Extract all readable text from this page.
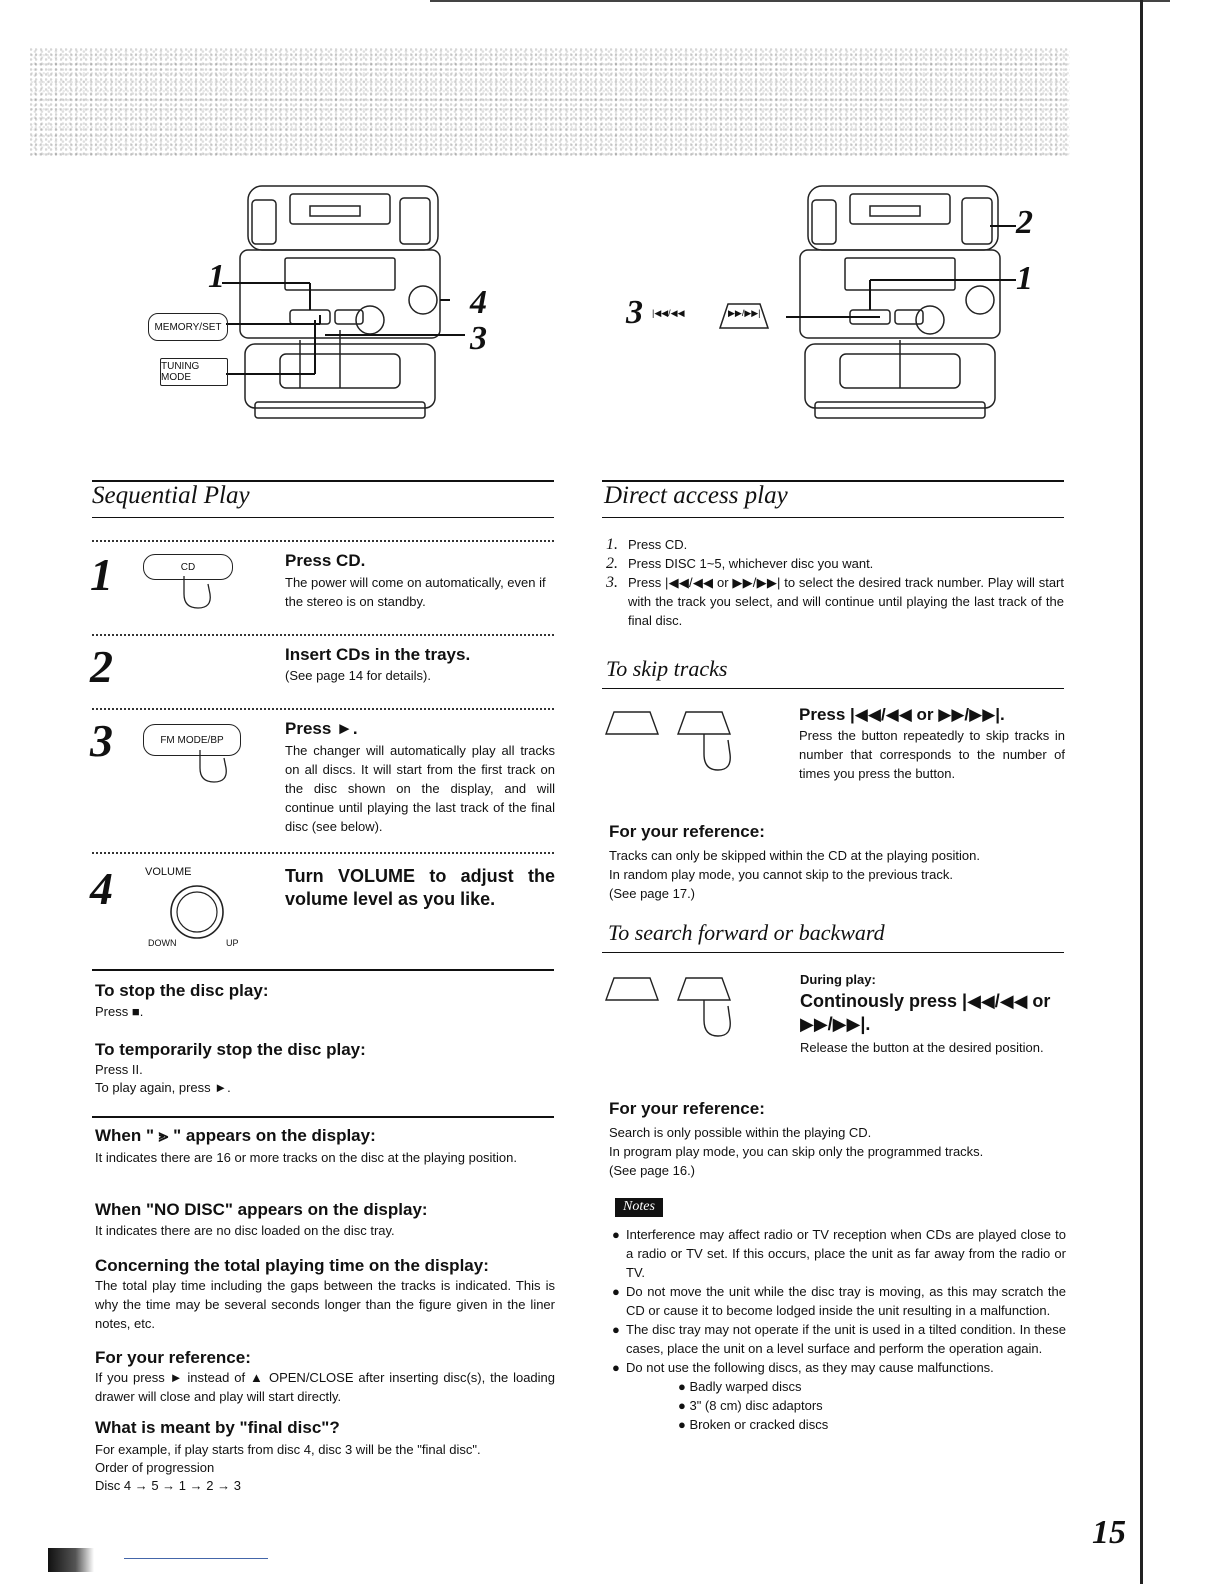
MEMORY/SET
TUNING MODE
1
4
3
3
2
1
|◀◀/◀◀	▶▶/▶▶|
Sequential Play
1	CD	Press CD.
The power will come on automatically, even if the stereo is on standby.
2	Insert CDs in the trays.
(See page 14 for details).
3	FM MODE/BP
Press ►.
The changer will automatically play all tracks on all discs. It will start from the first track on the disc shown on the display, and will continue until playing the last track of the final disc (see below).
4	VOLUME
DOWN	UP
Turn VOLUME to adjust the volume level as you like.
To stop the disc play:
Press ■.
To temporarily stop the disc play:
Press II.
To play again, press ►.
When " ⪢ " appears on the display:
It indicates there are 16 or more tracks on the disc at the playing position.
When "NO DISC" appears on the display:
It indicates there are no disc loaded on the disc tray.
Concerning the total playing time on the display:
The total play time including the gaps between the tracks is indicated. This is why the time may be several seconds longer than the figure given in the liner notes, etc.
For your reference:
If you press ► instead of ▲ OPEN/CLOSE after inserting disc(s), the loading drawer will close and play will start directly.
What is meant by "final disc"?
For example, if play starts from disc 4, disc 3 will be the "final disc".
Order of progression
Disc 4 → 5 → 1 → 2 → 3
Direct access play
1. Press CD.
2. Press DISC 1~5, whichever disc you want.
3. Press |◀◀/◀◀ or ▶▶/▶▶| to select the desired track number. Play will start with the track you select, and will continue until playing the last track of the final disc.
To skip tracks
Press |◀◀/◀◀ or ▶▶/▶▶|.
Press the button repeatedly to skip tracks in number that corresponds to the number of times you press the button.
For your reference:
Tracks can only be skipped within the CD at the playing position.
In random play mode, you cannot skip to the previous track.
(See page 17.)
To search forward or backward
During play:
Continously press |◀◀/◀◀ or ▶▶/▶▶|.
Release the button at the desired position.
For your reference:
Search is only possible within the playing CD.
In program play mode, you can skip only the programmed tracks.
(See page 16.)
Notes
● Interference may affect radio or TV reception when CDs are played close to a radio or TV set. If this occurs, place the unit as far away from the radio or TV.
● Do not move the unit while the disc tray is moving, as this may scratch the CD or cause it to become lodged inside the unit resulting in a malfunction.
● The disc tray may not operate if the unit is used in a tilted condition. In these cases, place the unit on a level surface and perform the operation again.
● Do not use the following discs, as they may cause malfunctions.
● Badly warped discs
● 3" (8 cm) disc adaptors
● Broken or cracked discs
15
